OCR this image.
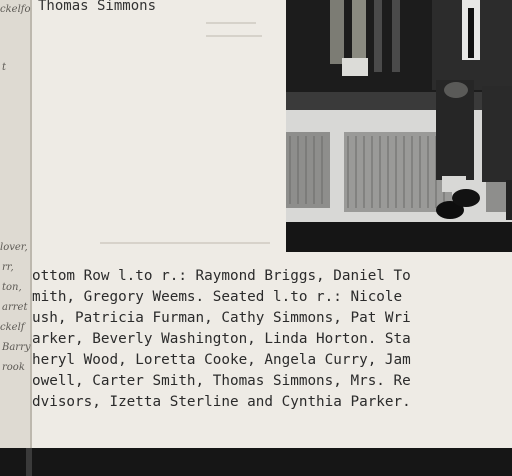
ckelfo
t
lover,
rr,
ton,
arret
ckelf
Barry
rook
Thomas Simmons
ottom Row l.to r.: Raymond Briggs, Daniel To
mith, Gregory Weems. Seated l.to r.: Nicole
ush, Patricia Furman, Cathy Simmons, Pat Wri
arker, Beverly Washington, Linda Horton. Sta
heryl Wood, Loretta Cooke, Angela Curry, Jam
owell, Carter Smith, Thomas Simmons, Mrs. Re
dvisors, Izetta Sterline and Cynthia Parker.
